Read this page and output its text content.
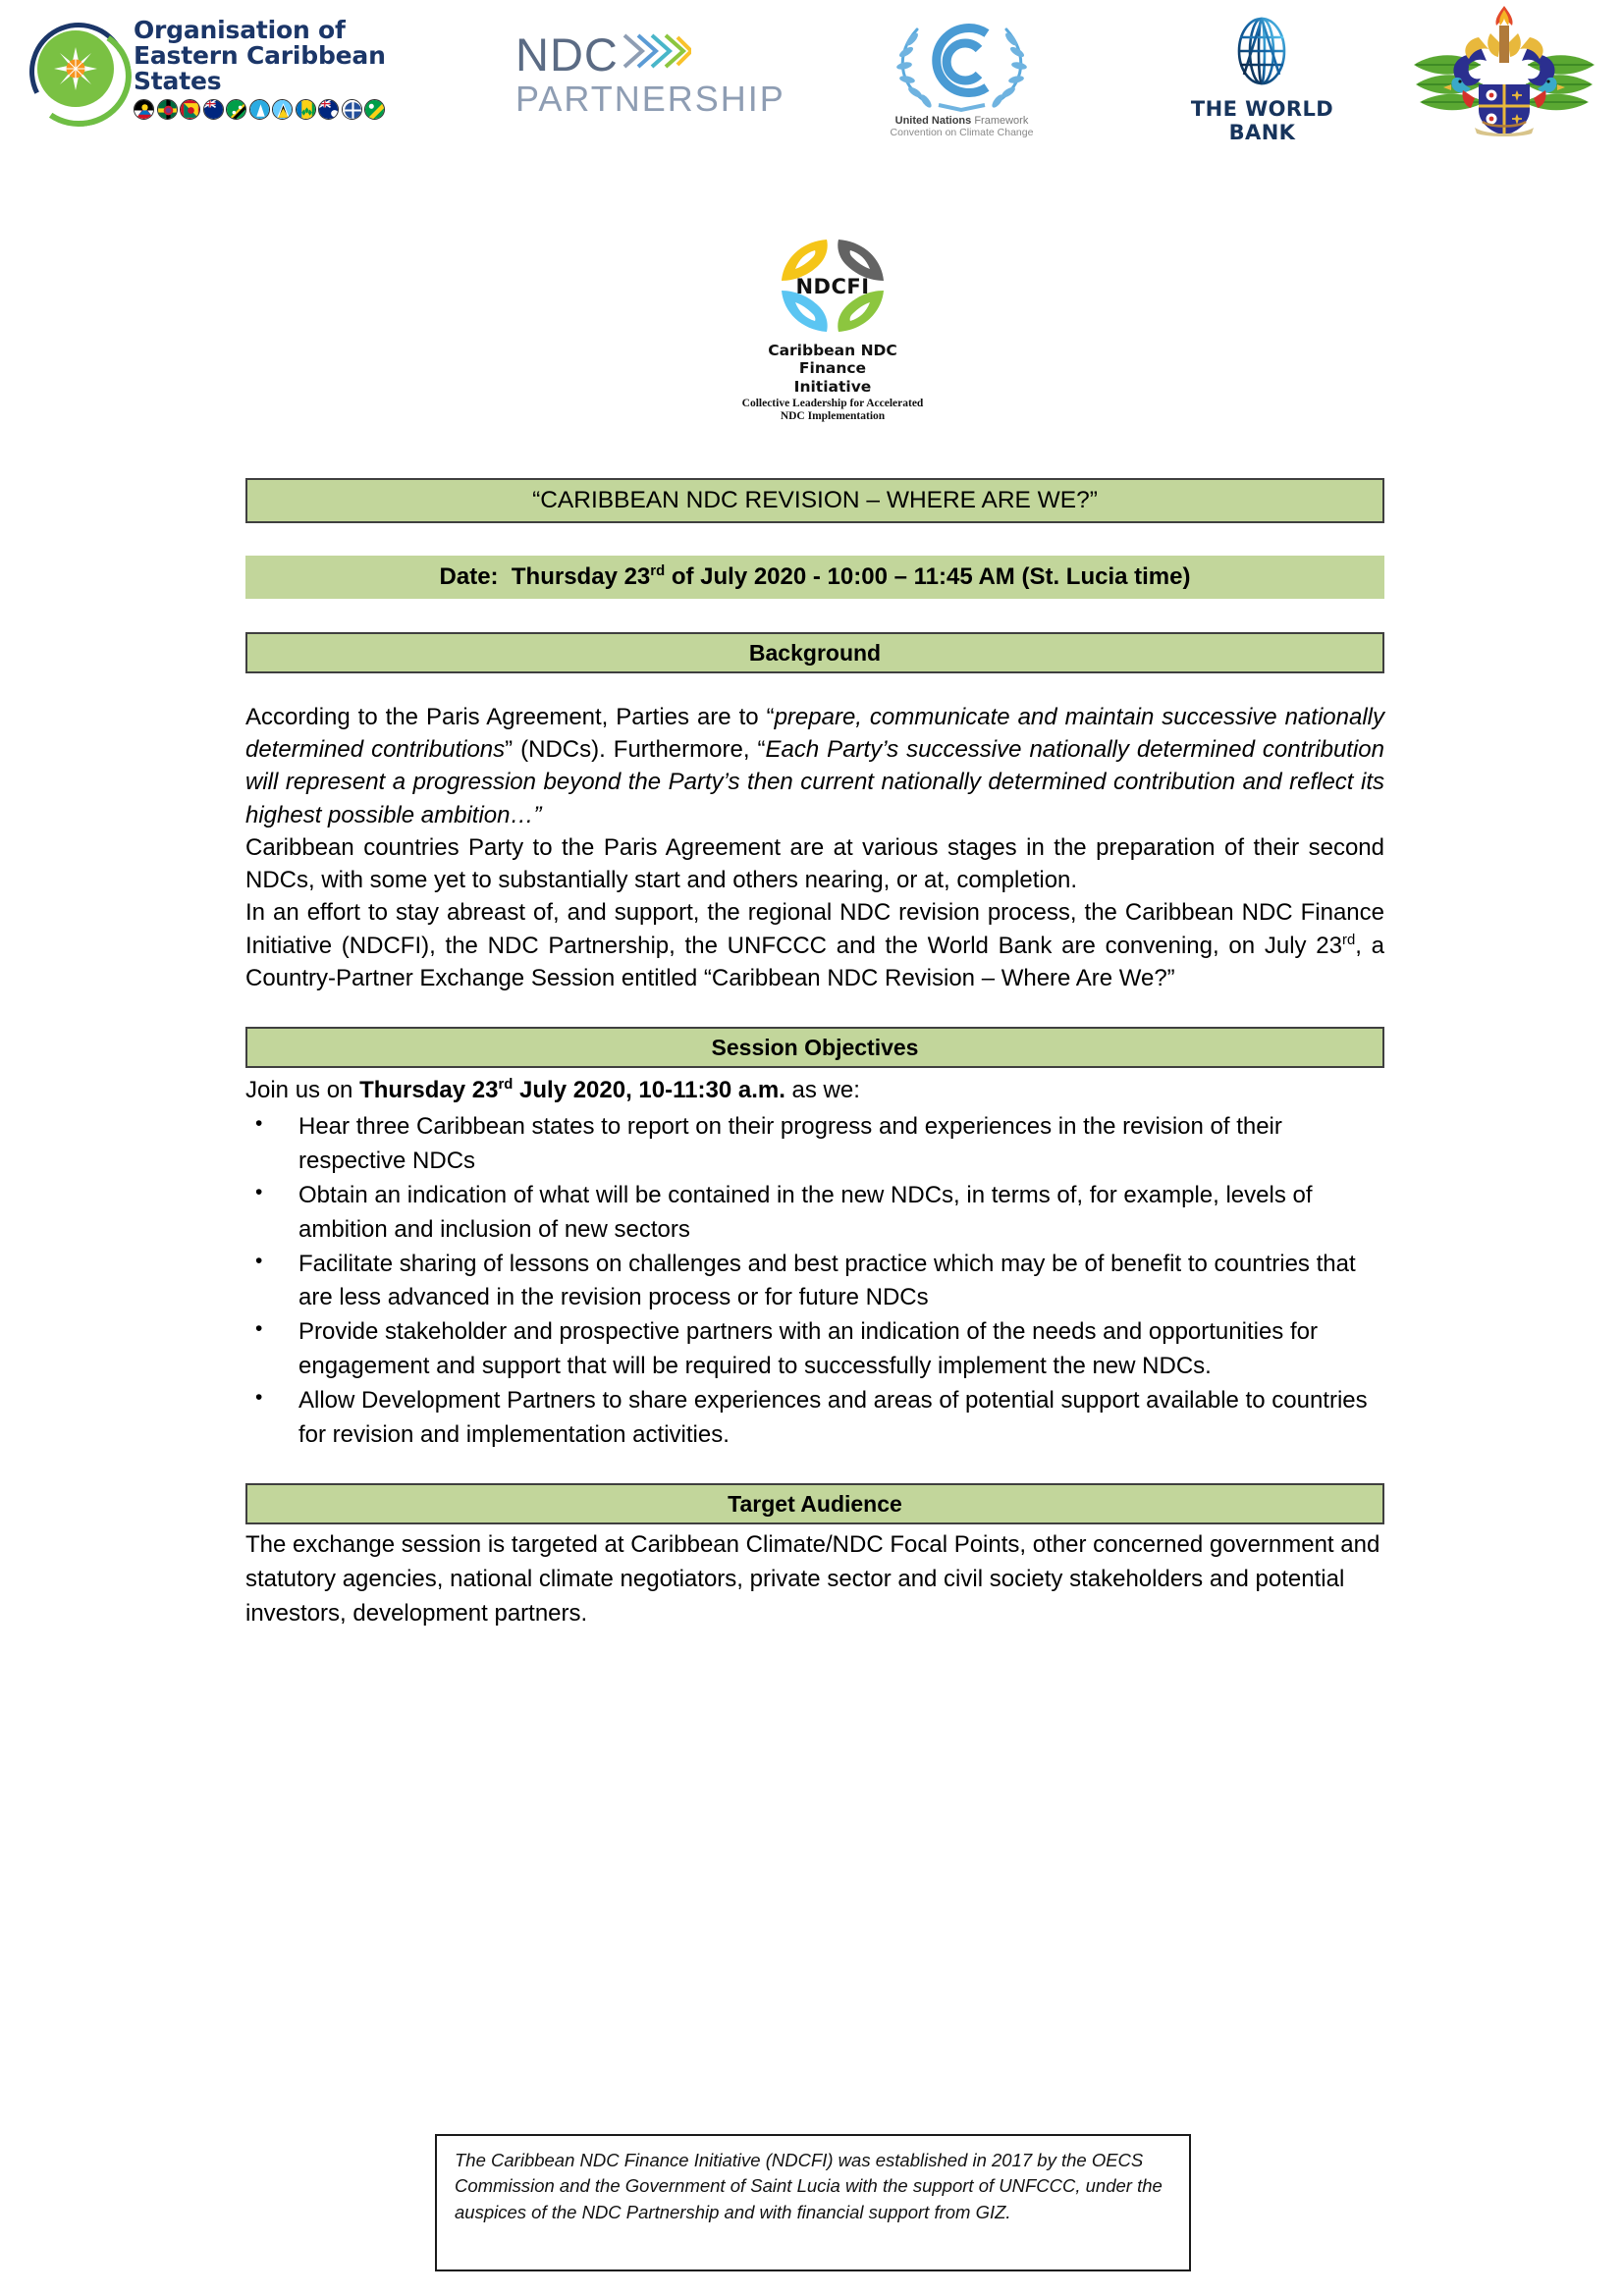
Organisation of
Eastern Caribbean States
NDC
PARTNERSHIP
United Nations Framework
Convention on Climate Change
THE WORLD BANK
NDCFI
Caribbean NDC Finance
Initiative
Collective Leadership for Accelerated
NDC Implementation
“CARIBBEAN NDC REVISION – WHERE ARE WE?”
Date: Thursday 23rd of July 2020 - 10:00 – 11:45 AM (St. Lucia time)
Background

According to the Paris Agreement, Parties are to “prepare, communicate and maintain successive nationally determined contributions” (NDCs). Furthermore, “Each Party’s successive nationally determined contribution will represent a progression beyond the Party’s then current nationally determined contribution and reflect its highest possible ambition…”

Caribbean countries Party to the Paris Agreement are at various stages in the preparation of their second NDCs, with some yet to substantially start and others nearing, or at, completion.

In an effort to stay abreast of, and support, the regional NDC revision process, the Caribbean NDC Finance Initiative (NDCFI), the NDC Partnership, the UNFCCC and the World Bank are convening, on July 23rd, a Country-Partner Exchange Session entitled “Caribbean NDC Revision – Where Are We?”

Session Objectives
Join us on Thursday 23rd July 2020, 10-11:30 a.m. as we:
• Hear three Caribbean states to report on their progress and experiences in the revision of their respective NDCs
• Obtain an indication of what will be contained in the new NDCs, in terms of, for example, levels of ambition and inclusion of new sectors
• Facilitate sharing of lessons on challenges and best practice which may be of benefit to countries that are less advanced in the revision process or for future NDCs
• Provide stakeholder and prospective partners with an indication of the needs and opportunities for engagement and support that will be required to successfully implement the new NDCs.
• Allow Development Partners to share experiences and areas of potential support available to countries for revision and implementation activities.
Target Audience
The exchange session is targeted at Caribbean Climate/NDC Focal Points, other concerned government and statutory agencies, national climate negotiators, private sector and civil society stakeholders and potential investors, development partners.
The Caribbean NDC Finance Initiative (NDCFI) was established in 2017 by the OECS Commission and the Government of Saint Lucia with the support of UNFCCC, under the auspices of the NDC Partnership and with financial support from GIZ.
